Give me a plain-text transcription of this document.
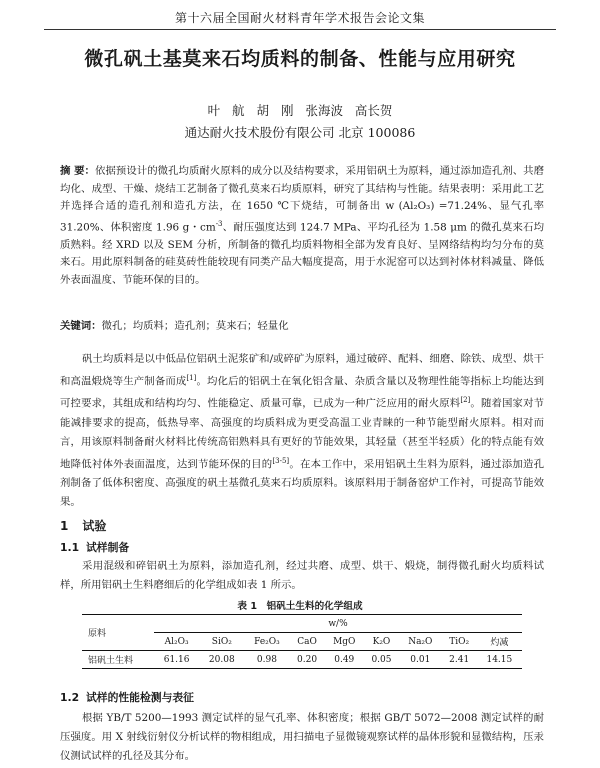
第十六届全国耐火材料青年学术报告会论文集
微孔矾土基莫来石均质料的制备、性能与应用研究
叶 航 胡 刚 张海波 高长贺
通达耐火技术股份有限公司 北京 100086
摘 要：依据预设计的微孔均质耐火原料的成分以及结构要求，采用铝矾土为原料，通过添加造孔剂、共磨均化、成型、干燥、烧结工艺制备了微孔莫来石均质原料，研究了其结构与性能。结果表明：采用此工艺并选择合适的造孔剂和造孔方法，在 1650 ℃下烧结，可制备出 w (Al₂O₃) =71.24%、显气孔率 31.20%、体积密度 1.96 g・$cm^{-3}$、耐压强度达到 124.7 MPa、平均孔径为 1.58 μm 的微孔莫来石均质熟料。经 XRD 以及 SEM 分析，所制备的微孔均质料物相全部为发育良好、呈网络结构均匀分布的莫来石。用此原料制备的硅莫砖性能较现有同类产品大幅度提高，用于水泥窑可以达到衬体材料减量、降低外表面温度、节能环保的目的。
关键词：微孔；均质料；造孔剂；莫来石；轻量化
矾土均质料是以中低品位铝矾土泥浆矿和/或碎矿为原料，通过破碎、配料、细磨、除铁、成型、烘干和高温煅烧等生产制备而成[1]。均化后的铝矾土在氧化铝含量、杂质含量以及物理性能等指标上均能达到可控要求，其组成和结构均匀、性能稳定、质量可靠，已成为一种广泛应用的耐火原料[2]。随着国家对节能减排要求的提高，低热导率、高强度的均质料成为更受高温工业青睐的一种节能型耐火原料。相对而言，用该原料制备耐火材料比传统高铝熟料具有更好的节能效果，其轻量（甚至半轻质）化的特点能有效地降低衬体外表面温度，达到节能环保的目的[3-5]。在本工作中，采用铝矾土生料为原料，通过添加造孔剂制备了低体积密度、高强度的矾土基微孔莫来石均质原料。该原料用于制备窑炉工作衬，可提高节能效果。
1 试验
1.1 试样制备
采用混级和碎铝矾土为原料，添加造孔剂，经过共磨、成型、烘干、煅烧，制得微孔耐火均质料试样，所用铝矾土生料磨细后的化学组成如表 1 所示。
表 1　铝矾土生料的化学组成
原料	w/%								
	Al₂O₃	SiO₂	Fe₂O₃	CaO	MgO	K₂O	Na₂O	TiO₂	灼减
铝矾土生料	61.16	20.08	0.98	0.20	0.49	0.05	0.01	2.41	14.15
1.2 试样的性能检测与表征
根据 YB/T 5200—1993 测定试样的显气孔率、体积密度；根据 GB/T 5072—2008 测定试样的耐压强度。用 X 射线衍射仪分析试样的物相组成，用扫描电子显微镜观察试样的晶体形貌和显微结构，压汞仪测试试样的孔径及其分布。
